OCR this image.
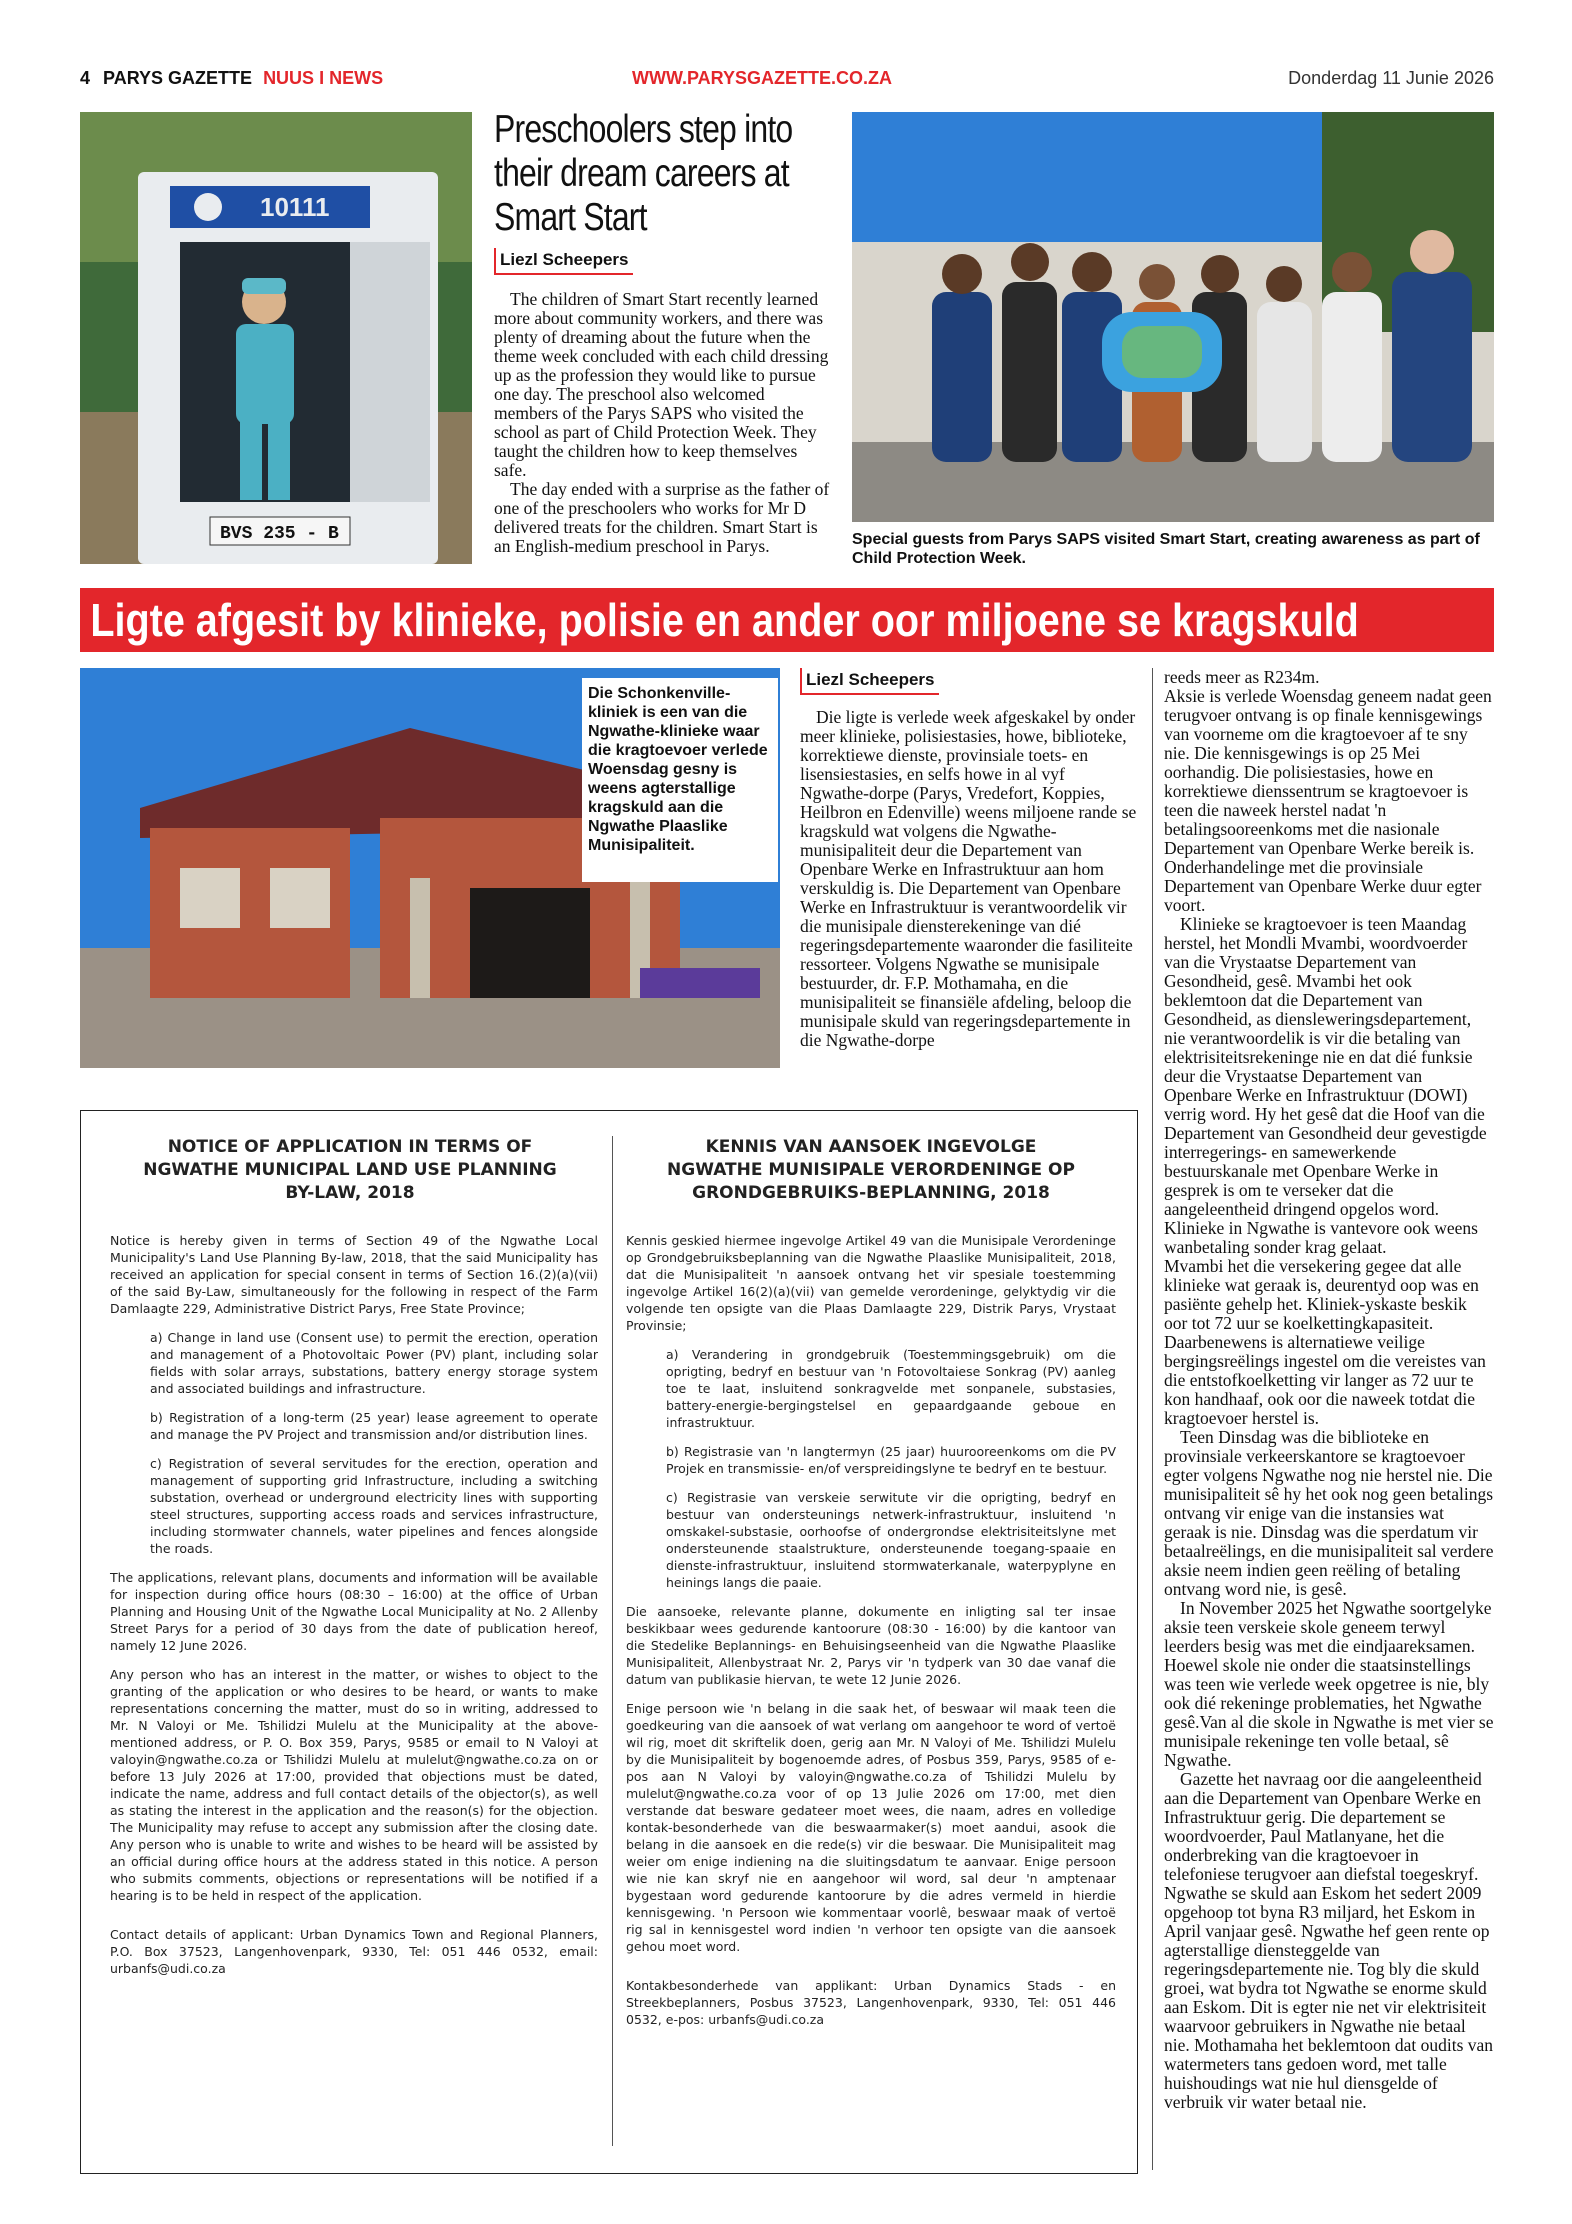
4 PARYS GAZETTE NUUS I NEWS	WWW.PARYSGAZETTE.CO.ZA	Donderdag 11 Junie 2026
10111
BVS 235 - B
Preschoolers step into
their dream careers at
Smart Start
Liezl Scheepers

The children of Smart Start recently learned more about community workers, and there was plenty of dreaming about the future when the theme week concluded with each child dressing up as the profession they would like to pursue one day. The preschool also welcomed members of the Parys SAPS who visited the school as part of Child Protection Week. They taught the children how to keep themselves safe.

The day ended with a surprise as the father of one of the preschoolers who works for Mr D delivered treats for the children. Smart Start is an English-medium preschool in Parys.	Special guests from Parys SAPS visited Smart Start, creating awareness as part of Child Protection Week.
Ligte afgesit by klinieke, polisie en ander oor miljoene se kragskuld
Die Schonkenville-kliniek is een van die Ngwathe-klinieke waar die kragtoevoer verlede Woensdag gesny is weens agterstallige kragskuld aan die Ngwathe Plaaslike Munisipaliteit.
Liezl Scheepers

Die ligte is verlede week afgeskakel by onder meer klinieke, polisiestasies, howe, biblioteke, korrektiewe dienste, provinsiale toets- en lisensiestasies, en selfs howe in al vyf Ngwathe-dorpe (Parys, Vredefort, Koppies, Heilbron en Edenville) weens miljoene rande se kragskuld wat volgens die Ngwathe-munisipaliteit deur die Departement van Openbare Werke en Infrastruktuur aan hom verskuldig is. Die Departement van Openbare Werke en Infrastruktuur is verantwoordelik vir die munisipale diensterekeninge van dié regeringsdepartemente waaronder die fasiliteite ressorteer. Volgens Ngwathe se munisipale bestuurder, dr. F.P. Mothamaha, en die munisipaliteit se finansiële afdeling, beloop die munisipale skuld van regeringsdepartemente in die Ngwathe-dorpe

reeds meer as R234m.

Aksie is verlede Woensdag geneem nadat geen terugvoer ontvang is op finale kennisgewings van voorneme om die kragtoevoer af te sny nie. Die kennisgewings is op 25 Mei oorhandig. Die polisiestasies, howe en korrektiewe dienssentrum se kragtoevoer is teen die naweek herstel nadat 'n betalingsooreenkoms met die nasionale Departement van Openbare Werke bereik is. Onderhandelinge met die provinsiale Departement van Openbare Werke duur egter voort.

Klinieke se kragtoevoer is teen Maandag herstel, het Mondli Mvambi, woordvoerder van die Vrystaatse Departement van Gesondheid, gesê. Mvambi het ook beklemtoon dat die Departement van Gesondheid, as diensleweringsdepartement, nie verantwoordelik is vir die betaling van elektrisiteitsrekeninge nie en dat dié funksie deur die Vrystaatse Departement van Openbare Werke en Infrastruktuur (DOWI) verrig word. Hy het gesê dat die Hoof van die Departement van Gesondheid deur gevestigde interregerings- en samewerkende bestuurskanale met Openbare Werke in gesprek is om te verseker dat die aangeleentheid dringend opgelos word. Klinieke in Ngwathe is vantevore ook weens wanbetaling sonder krag gelaat.

Mvambi het die versekering gegee dat alle klinieke wat geraak is, deurentyd oop was en pasiënte gehelp het. Kliniek-yskaste beskik oor tot 72 uur se koelkettingkapasiteit. Daarbenewens is alternatiewe veilige bergingsreëlings ingestel om die vereistes van die entstofkoelketting vir langer as 72 uur te kon handhaaf, ook oor die naweek totdat die kragtoevoer herstel is.

Teen Dinsdag was die biblioteke en provinsiale verkeerskantore se kragtoevoer egter volgens Ngwathe nog nie herstel nie. Die munisipaliteit sê hy het ook nog geen betalings ontvang vir enige van die instansies wat geraak is nie. Dinsdag was die sperdatum vir betaalreëlings, en die munisipaliteit sal verdere aksie neem indien geen reëling of betaling ontvang word nie, is gesê.

In November 2025 het Ngwathe soortgelyke aksie teen verskeie skole geneem terwyl leerders besig was met die eindjaareksamen. Hoewel skole nie onder die staatsinstellings was teen wie verlede week opgetree is nie, bly ook dié rekeninge problematies, het Ngwathe gesê.Van al die skole in Ngwathe is met vier se munisipale rekeninge ten volle betaal, sê Ngwathe.

Gazette het navraag oor die aangeleentheid aan die Departement van Openbare Werke en Infrastruktuur gerig. Die departement se woordvoerder, Paul Matlanyane, het die onderbreking van die kragtoevoer in telefoniese terugvoer aan diefstal toegeskryf. Ngwathe se skuld aan Eskom het sedert 2009 opgehoop tot byna R3 miljard, het Eskom in April vanjaar gesê. Ngwathe hef geen rente op agterstallige diensteggelde van regeringsdepartemente nie. Tog bly die skuld groei, wat bydra tot Ngwathe se enorme skuld aan Eskom. Dit is egter nie net vir elektrisiteit waarvoor gebruikers in Ngwathe nie betaal nie. Mothamaha het beklemtoon dat oudits van watermeters tans gedoen word, met talle huishoudings wat nie hul diensgelde of verbruik vir water betaal nie.

NOTICE OF APPLICATION IN TERMS OF
NGWATHE MUNICIPAL LAND USE PLANNING
BY-LAW, 2018

Notice is hereby given in terms of Section 49 of the Ngwathe Local Municipality's Land Use Planning By-law, 2018, that the said Municipality has received an application for special consent in terms of Section 16.(2)(a)(vii) of the said By-Law, simultaneously for the following in respect of the Farm Damlaagte 229, Administrative District Parys, Free State Province;

a) Change in land use (Consent use) to permit the erection, operation and management of a Photovoltaic Power (PV) plant, including solar fields with solar arrays, substations, battery energy storage system and associated buildings and infrastructure.
b) Registration of a long-term (25 year) lease agreement to operate and manage the PV Project and transmission and/or distribution lines.
c) Registration of several servitudes for the erection, operation and management of supporting grid Infrastructure, including a switching substation, overhead or underground electricity lines with supporting steel structures, supporting access roads and services infrastructure, including stormwater channels, water pipelines and fences alongside the roads.

The applications, relevant plans, documents and information will be available for inspection during office hours (08:30 – 16:00) at the office of Urban Planning and Housing Unit of the Ngwathe Local Municipality at No. 2 Allenby Street Parys for a period of 30 days from the date of publication hereof, namely 12 June 2026.

Any person who has an interest in the matter, or wishes to object to the granting of the application or who desires to be heard, or wants to make representations concerning the matter, must do so in writing, addressed to Mr. N Valoyi or Me. Tshilidzi Mulelu at the Municipality at the above-mentioned address, or P. O. Box 359, Parys, 9585 or email to N Valoyi at valoyin@ngwathe.co.za or Tshilidzi Mulelu at mulelut@ngwathe.co.za on or before 13 July 2026 at 17:00, provided that objections must be dated, indicate the name, address and full contact details of the objector(s), as well as stating the interest in the application and the reason(s) for the objection. The Municipality may refuse to accept any submission after the closing date. Any person who is unable to write and wishes to be heard will be assisted by an official during office hours at the address stated in this notice. A person who submits comments, objections or representations will be notified if a hearing is to be held in respect of the application.

Contact details of applicant: Urban Dynamics Town and Regional Planners, P.O. Box 37523, Langenhovenpark, 9330, Tel: 051 446 0532, email: urbanfs@udi.co.za

KENNIS VAN AANSOEK INGEVOLGE
NGWATHE MUNISIPALE VERORDENINGE OP
GRONDGEBRUIKS-BEPLANNING, 2018

Kennis geskied hiermee ingevolge Artikel 49 van die Munisipale Verordeninge op Grondgebruiksbeplanning van die Ngwathe Plaaslike Munisipaliteit, 2018, dat die Munisipaliteit 'n aansoek ontvang het vir spesiale toestemming ingevolge Artikel 16(2)(a)(vii) van gemelde verordeninge, gelyktydig vir die volgende ten opsigte van die Plaas Damlaagte 229, Distrik Parys, Vrystaat Provinsie;

a) Verandering in grondgebruik (Toestemmingsgebruik) om die oprigting, bedryf en bestuur van 'n Fotovoltaiese Sonkrag (PV) aanleg toe te laat, insluitend sonkragvelde met sonpanele, substasies, battery-energie-bergingstelsel en gepaardgaande geboue en infrastruktuur.
b) Registrasie van 'n langtermyn (25 jaar) huurooreenkoms om die PV Projek en transmissie- en/of verspreidingslyne te bedryf en te bestuur.
c) Registrasie van verskeie serwitute vir die oprigting, bedryf en bestuur van ondersteunings netwerk-infrastruktuur, insluitend 'n omskakel-substasie, oorhoofse of ondergrondse elektrisiteitslyne met ondersteunende staalstrukture, ondersteunende toegang-spaaie en dienste-infrastruktuur, insluitend stormwaterkanale, waterpyplyne en heinings langs die paaie.

Die aansoeke, relevante planne, dokumente en inligting sal ter insae beskikbaar wees gedurende kantoorure (08:30 - 16:00) by die kantoor van die Stedelike Beplannings- en Behuisingseenheid van die Ngwathe Plaaslike Munisipaliteit, Allenbystraat Nr. 2, Parys vir 'n tydperk van 30 dae vanaf die datum van publikasie hiervan, te wete 12 Junie 2026.

Enige persoon wie 'n belang in die saak het, of beswaar wil maak teen die goedkeuring van die aansoek of wat verlang om aangehoor te word of vertoë wil rig, moet dit skriftelik doen, gerig aan Mr. N Valoyi of Me. Tshilidzi Mulelu by die Munisipaliteit by bogenoemde adres, of Posbus 359, Parys, 9585 of e-pos aan N Valoyi by valoyin@ngwathe.co.za of Tshilidzi Mulelu by mulelut@ngwathe.co.za voor of op 13 Julie 2026 om 17:00, met dien verstande dat besware gedateer moet wees, die naam, adres en volledige kontak-besonderhede van die beswaarmaker(s) moet aandui, asook die belang in die aansoek en die rede(s) vir die beswaar. Die Munisipaliteit mag weier om enige indiening na die sluitingsdatum te aanvaar. Enige persoon wie nie kan skryf nie en aangehoor wil word, sal deur 'n amptenaar bygestaan word gedurende kantoorure by die adres vermeld in hierdie kennisgewing. 'n Persoon wie kommentaar voorlê, beswaar maak of vertoë rig sal in kennisgestel word indien 'n verhoor ten opsigte van die aansoek gehou moet word.

Kontakbesonderhede van applikant: Urban Dynamics Stads - en Streekbeplanners, Posbus 37523, Langenhovenpark, 9330, Tel: 051 446 0532, e-pos: urbanfs@udi.co.za
